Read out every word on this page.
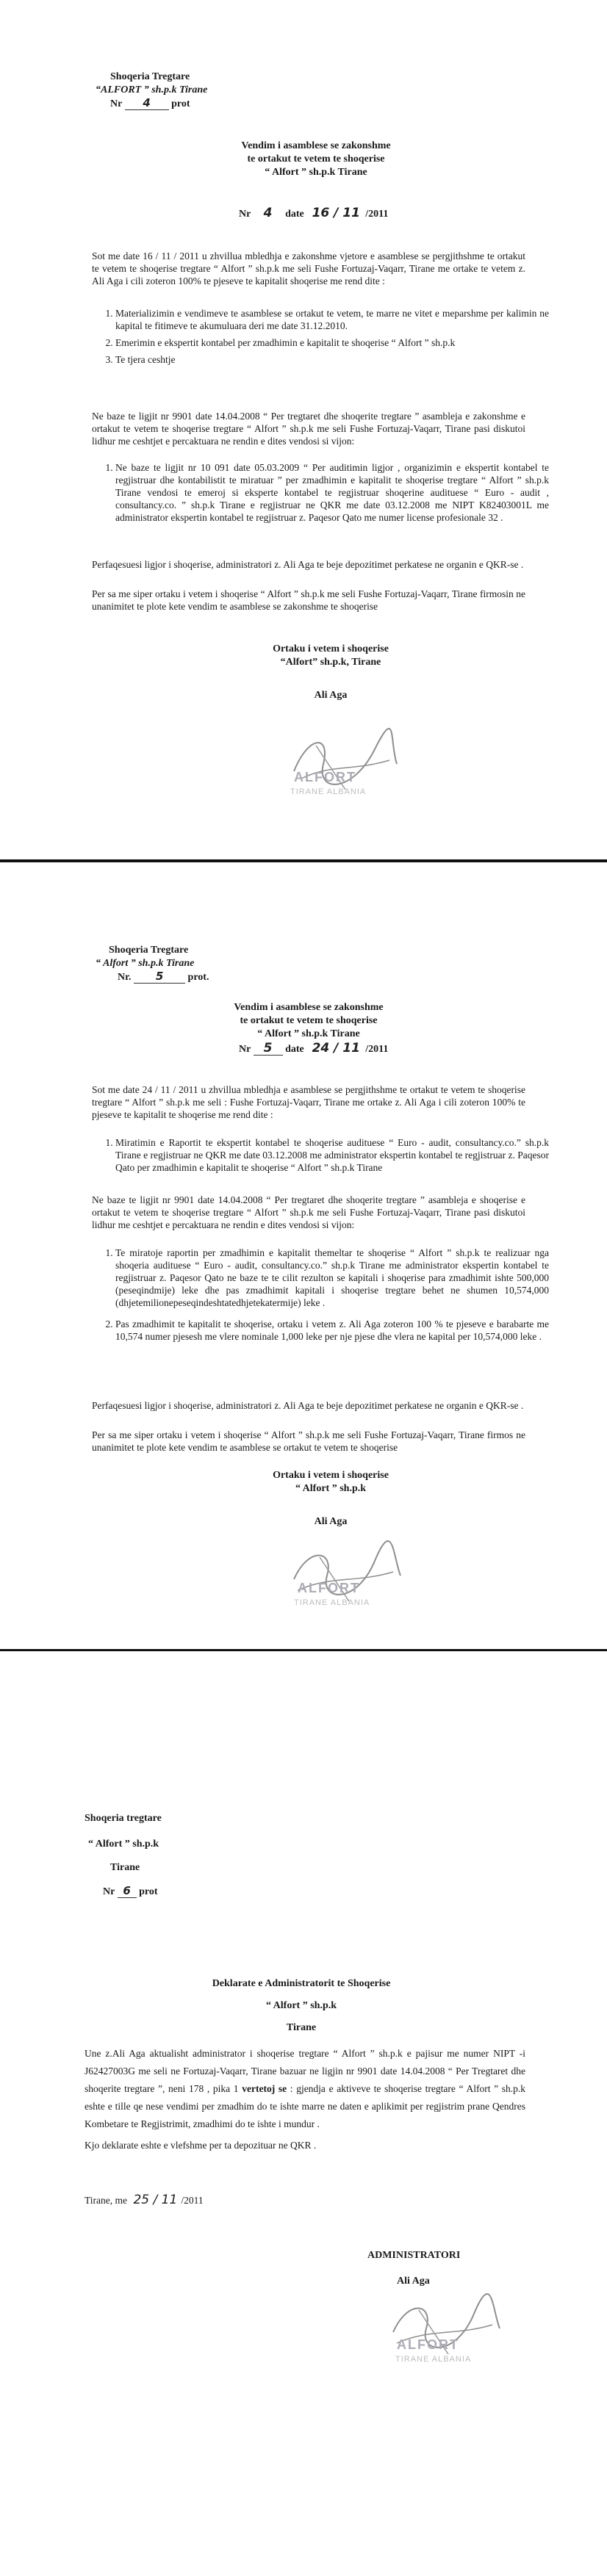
Shoqeria Tregtare
“ALFORT ” sh.p.k Tirane
Nr 4 prot
Vendim i asamblese se zakonshme
te ortakut te vetem te shoqerise
“ Alfort ” sh.p.k Tirane
Nr 4 date 16 / 11 /2011
Sot me date 16 / 11 / 2011 u zhvillua mbledhja e zakonshme vjetore e asamblese se pergjithshme te ortakut te vetem te shoqerise tregtare “ Alfort ” sh.p.k me seli Fushe Fortuzaj-Vaqarr, Tirane me ortake te vetem z. Ali Aga i cili zoteron 100% te pjeseve te kapitalit shoqerise me rend dite :
1. Materializimin e vendimeve te asamblese se ortakut te vetem, te marre ne vitet e meparshme per kalimin ne kapital te fitimeve te akumuluara deri me date 31.12.2010.
2. Emerimin e ekspertit kontabel per zmadhimin e kapitalit te shoqerise “ Alfort ” sh.p.k
3. Te tjera ceshtje
Ne baze te ligjit nr 9901 date 14.04.2008 “ Per tregtaret dhe shoqerite tregtare ” asambleja e zakonshme e ortakut te vetem te shoqerise tregtare “ Alfort ” sh.p.k me seli Fushe Fortuzaj-Vaqarr, Tirane pasi diskutoi lidhur me ceshtjet e percaktuara ne rendin e dites vendosi si vijon:
1. Ne baze te ligjit nr 10 091 date 05.03.2009 “ Per auditimin ligjor , organizimin e ekspertit kontabel te regjistruar dhe kontabilistit te miratuar ” per zmadhimin e kapitalit te shoqerise tregtare “ Alfort ” sh.p.k Tirane vendosi te emeroj si eksperte kontabel te regjistruar shoqerine audituese “ Euro - audit , consultancy.co. ” sh.p.k Tirane e regjistruar ne QKR me date 03.12.2008 me NIPT K82403001L me administrator ekspertin kontabel te regjistruar z. Paqesor Qato me numer license profesionale 32 .
Perfaqesuesi ligjor i shoqerise, administratori z. Ali Aga te beje depozitimet perkatese ne organin e QKR-se .
Per sa me siper ortaku i vetem i shoqerise “ Alfort ” sh.p.k me seli Fushe Fortuzaj-Vaqarr, Tirane firmosin ne unanimitet te plote kete vendim te asamblese se zakonshme te shoqerise
Ortaku i vetem i shoqerise
“Alfort” sh.p.k, Tirane
Ali Aga
ALFORT
TIRANE ALBANIA
Shoqeria Tregtare
“ Alfort ” sh.p.k Tirane
Nr. 5 prot.
Vendim i asamblese se zakonshme
te ortakut te vetem te shoqerise
“ Alfort ” sh.p.k Tirane
Nr 5 date 24 / 11 /2011
Sot me date 24 / 11 / 2011 u zhvillua mbledhja e asamblese se pergjithshme te ortakut te vetem te shoqerise tregtare “ Alfort ” sh.p.k me seli : Fushe Fortuzaj-Vaqarr, Tirane me ortake z. Ali Aga i cili zoteron 100% te pjeseve te kapitalit te shoqerise me rend dite :
1. Miratimin e Raportit te ekspertit kontabel te shoqerise audituese “ Euro - audit, consultancy.co.” sh.p.k Tirane e regjistruar ne QKR me date 03.12.2008 me administrator ekspertin kontabel te regjistruar z. Paqesor Qato per zmadhimin e kapitalit te shoqerise “ Alfort ” sh.p.k Tirane
Ne baze te ligjit nr 9901 date 14.04.2008 “ Per tregtaret dhe shoqerite tregtare ” asambleja e shoqerise e ortakut te vetem te shoqerise tregtare “ Alfort ” sh.p.k me seli Fushe Fortuzaj-Vaqarr, Tirane pasi diskutoi lidhur me ceshtjet e percaktuara ne rendin e dites vendosi si vijon:
1. Te miratoje raportin per zmadhimin e kapitalit themeltar te shoqerise “ Alfort ” sh.p.k te realizuar nga shoqeria audituese “ Euro - audit, consultancy.co.” sh.p.k Tirane me administrator ekspertin kontabel te regjistruar z. Paqesor Qato ne baze te te cilit rezulton se kapitali i shoqerise para zmadhimit ishte 500,000 (peseqindmije) leke dhe pas zmadhimit kapitali i shoqerise tregtare behet ne shumen 10,574,000 (dhjetemilionepeseqindeshtatedhjetekatermije) leke .
2. Pas zmadhimit te kapitalit te shoqerise, ortaku i vetem z. Ali Aga zoteron 100 % te pjeseve e barabarte me 10,574 numer pjesesh me vlere nominale 1,000 leke per nje pjese dhe vlera ne kapital per 10,574,000 leke .
Perfaqesuesi ligjor i shoqerise, administratori z. Ali Aga te beje depozitimet perkatese ne organin e QKR-se .
Per sa me siper ortaku i vetem i shoqerise “ Alfort ” sh.p.k me seli Fushe Fortuzaj-Vaqarr, Tirane firmos ne unanimitet te plote kete vendim te asamblese se ortakut te vetem te shoqerise
Ortaku i vetem i shoqerise
“ Alfort ” sh.p.k
Ali Aga
ALFORT
TIRANE ALBANIA
Shoqeria tregtare
“ Alfort ” sh.p.k
Tirane
Nr 6 prot
Deklarate e Administratorit te Shoqerise
“ Alfort ” sh.p.k
Tirane
Une z.Ali Aga aktualisht administrator i shoqerise tregtare “ Alfort ” sh.p.k e pajisur me numer NIPT -i J62427003G me seli ne Fortuzaj-Vaqarr, Tirane bazuar ne ligjin nr 9901 date 14.04.2008 “ Per Tregtaret dhe shoqerite tregtare ”, neni 178 , pika 1 vertetoj se : gjendja e aktiveve te shoqerise tregtare “ Alfort ” sh.p.k eshte e tille qe nese vendimi per zmadhim do te ishte marre ne daten e aplikimit per regjistrim prane Qendres Kombetare te Regjistrimit, zmadhimi do te ishte i mundur .
Kjo deklarate eshte e vlefshme per ta depozituar ne QKR .
Tirane, me 25 / 11 /2011
ADMINISTRATORI
Ali Aga
ALFORT
TIRANE ALBANIA
